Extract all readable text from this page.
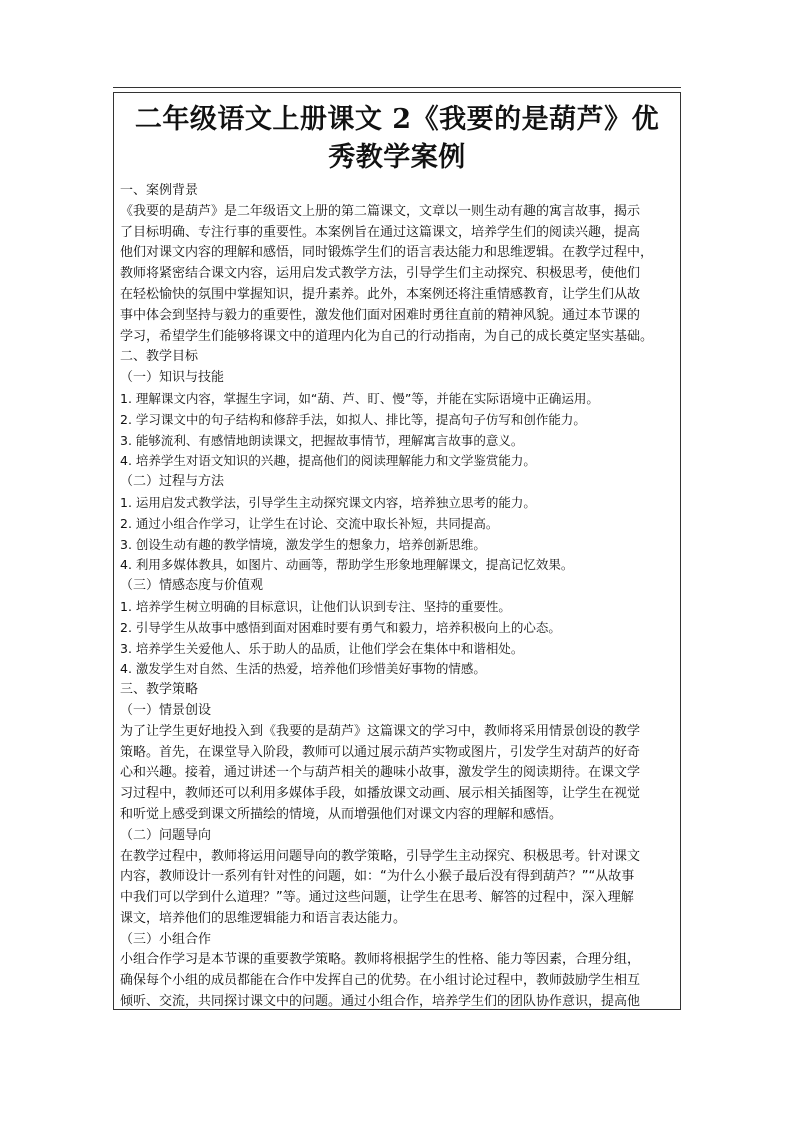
二年级语文上册课文 2《我要的是葫芦》优
秀教学案例
一、案例背景
《我要的是葫芦》是二年级语文上册的第二篇课文，文章以一则生动有趣的寓言故事，揭示
了目标明确、专注行事的重要性。本案例旨在通过这篇课文，培养学生们的阅读兴趣，提高
他们对课文内容的理解和感悟，同时锻炼学生们的语言表达能力和思维逻辑。在教学过程中，
教师将紧密结合课文内容，运用启发式教学方法，引导学生们主动探究、积极思考，使他们
在轻松愉快的氛围中掌握知识，提升素养。此外，本案例还将注重情感教育，让学生们从故
事中体会到坚持与毅力的重要性，激发他们面对困难时勇往直前的精神风貌。通过本节课的
学习，希望学生们能够将课文中的道理内化为自己的行动指南，为自己的成长奠定坚实基础。
二、教学目标
（一）知识与技能
1. 理解课文内容，掌握生字词，如“葫、芦、盯、慢”等，并能在实际语境中正确运用。
2. 学习课文中的句子结构和修辞手法，如拟人、排比等，提高句子仿写和创作能力。
3. 能够流利、有感情地朗读课文，把握故事情节，理解寓言故事的意义。
4. 培养学生对语文知识的兴趣，提高他们的阅读理解能力和文学鉴赏能力。
（二）过程与方法
1. 运用启发式教学法，引导学生主动探究课文内容，培养独立思考的能力。
2. 通过小组合作学习，让学生在讨论、交流中取长补短，共同提高。
3. 创设生动有趣的教学情境，激发学生的想象力，培养创新思维。
4. 利用多媒体教具，如图片、动画等，帮助学生形象地理解课文，提高记忆效果。
（三）情感态度与价值观
1. 培养学生树立明确的目标意识，让他们认识到专注、坚持的重要性。
2. 引导学生从故事中感悟到面对困难时要有勇气和毅力，培养积极向上的心态。
3. 培养学生关爱他人、乐于助人的品质，让他们学会在集体中和谐相处。
4. 激发学生对自然、生活的热爱，培养他们珍惜美好事物的情感。
三、教学策略
（一）情景创设
为了让学生更好地投入到《我要的是葫芦》这篇课文的学习中，教师将采用情景创设的教学
策略。首先，在课堂导入阶段，教师可以通过展示葫芦实物或图片，引发学生对葫芦的好奇
心和兴趣。接着，通过讲述一个与葫芦相关的趣味小故事，激发学生的阅读期待。在课文学
习过程中，教师还可以利用多媒体手段，如播放课文动画、展示相关插图等，让学生在视觉
和听觉上感受到课文所描绘的情境，从而增强他们对课文内容的理解和感悟。
（二）问题导向
在教学过程中，教师将运用问题导向的教学策略，引导学生主动探究、积极思考。针对课文
内容，教师设计一系列有针对性的问题，如：“为什么小猴子最后没有得到葫芦？”“从故事
中我们可以学到什么道理？”等。通过这些问题，让学生在思考、解答的过程中，深入理解
课文，培养他们的思维逻辑能力和语言表达能力。
（三）小组合作
小组合作学习是本节课的重要教学策略。教师将根据学生的性格、能力等因素，合理分组，
确保每个小组的成员都能在合作中发挥自己的优势。在小组讨论过程中，教师鼓励学生相互
倾听、交流，共同探讨课文中的问题。通过小组合作，培养学生们的团队协作意识，提高他
